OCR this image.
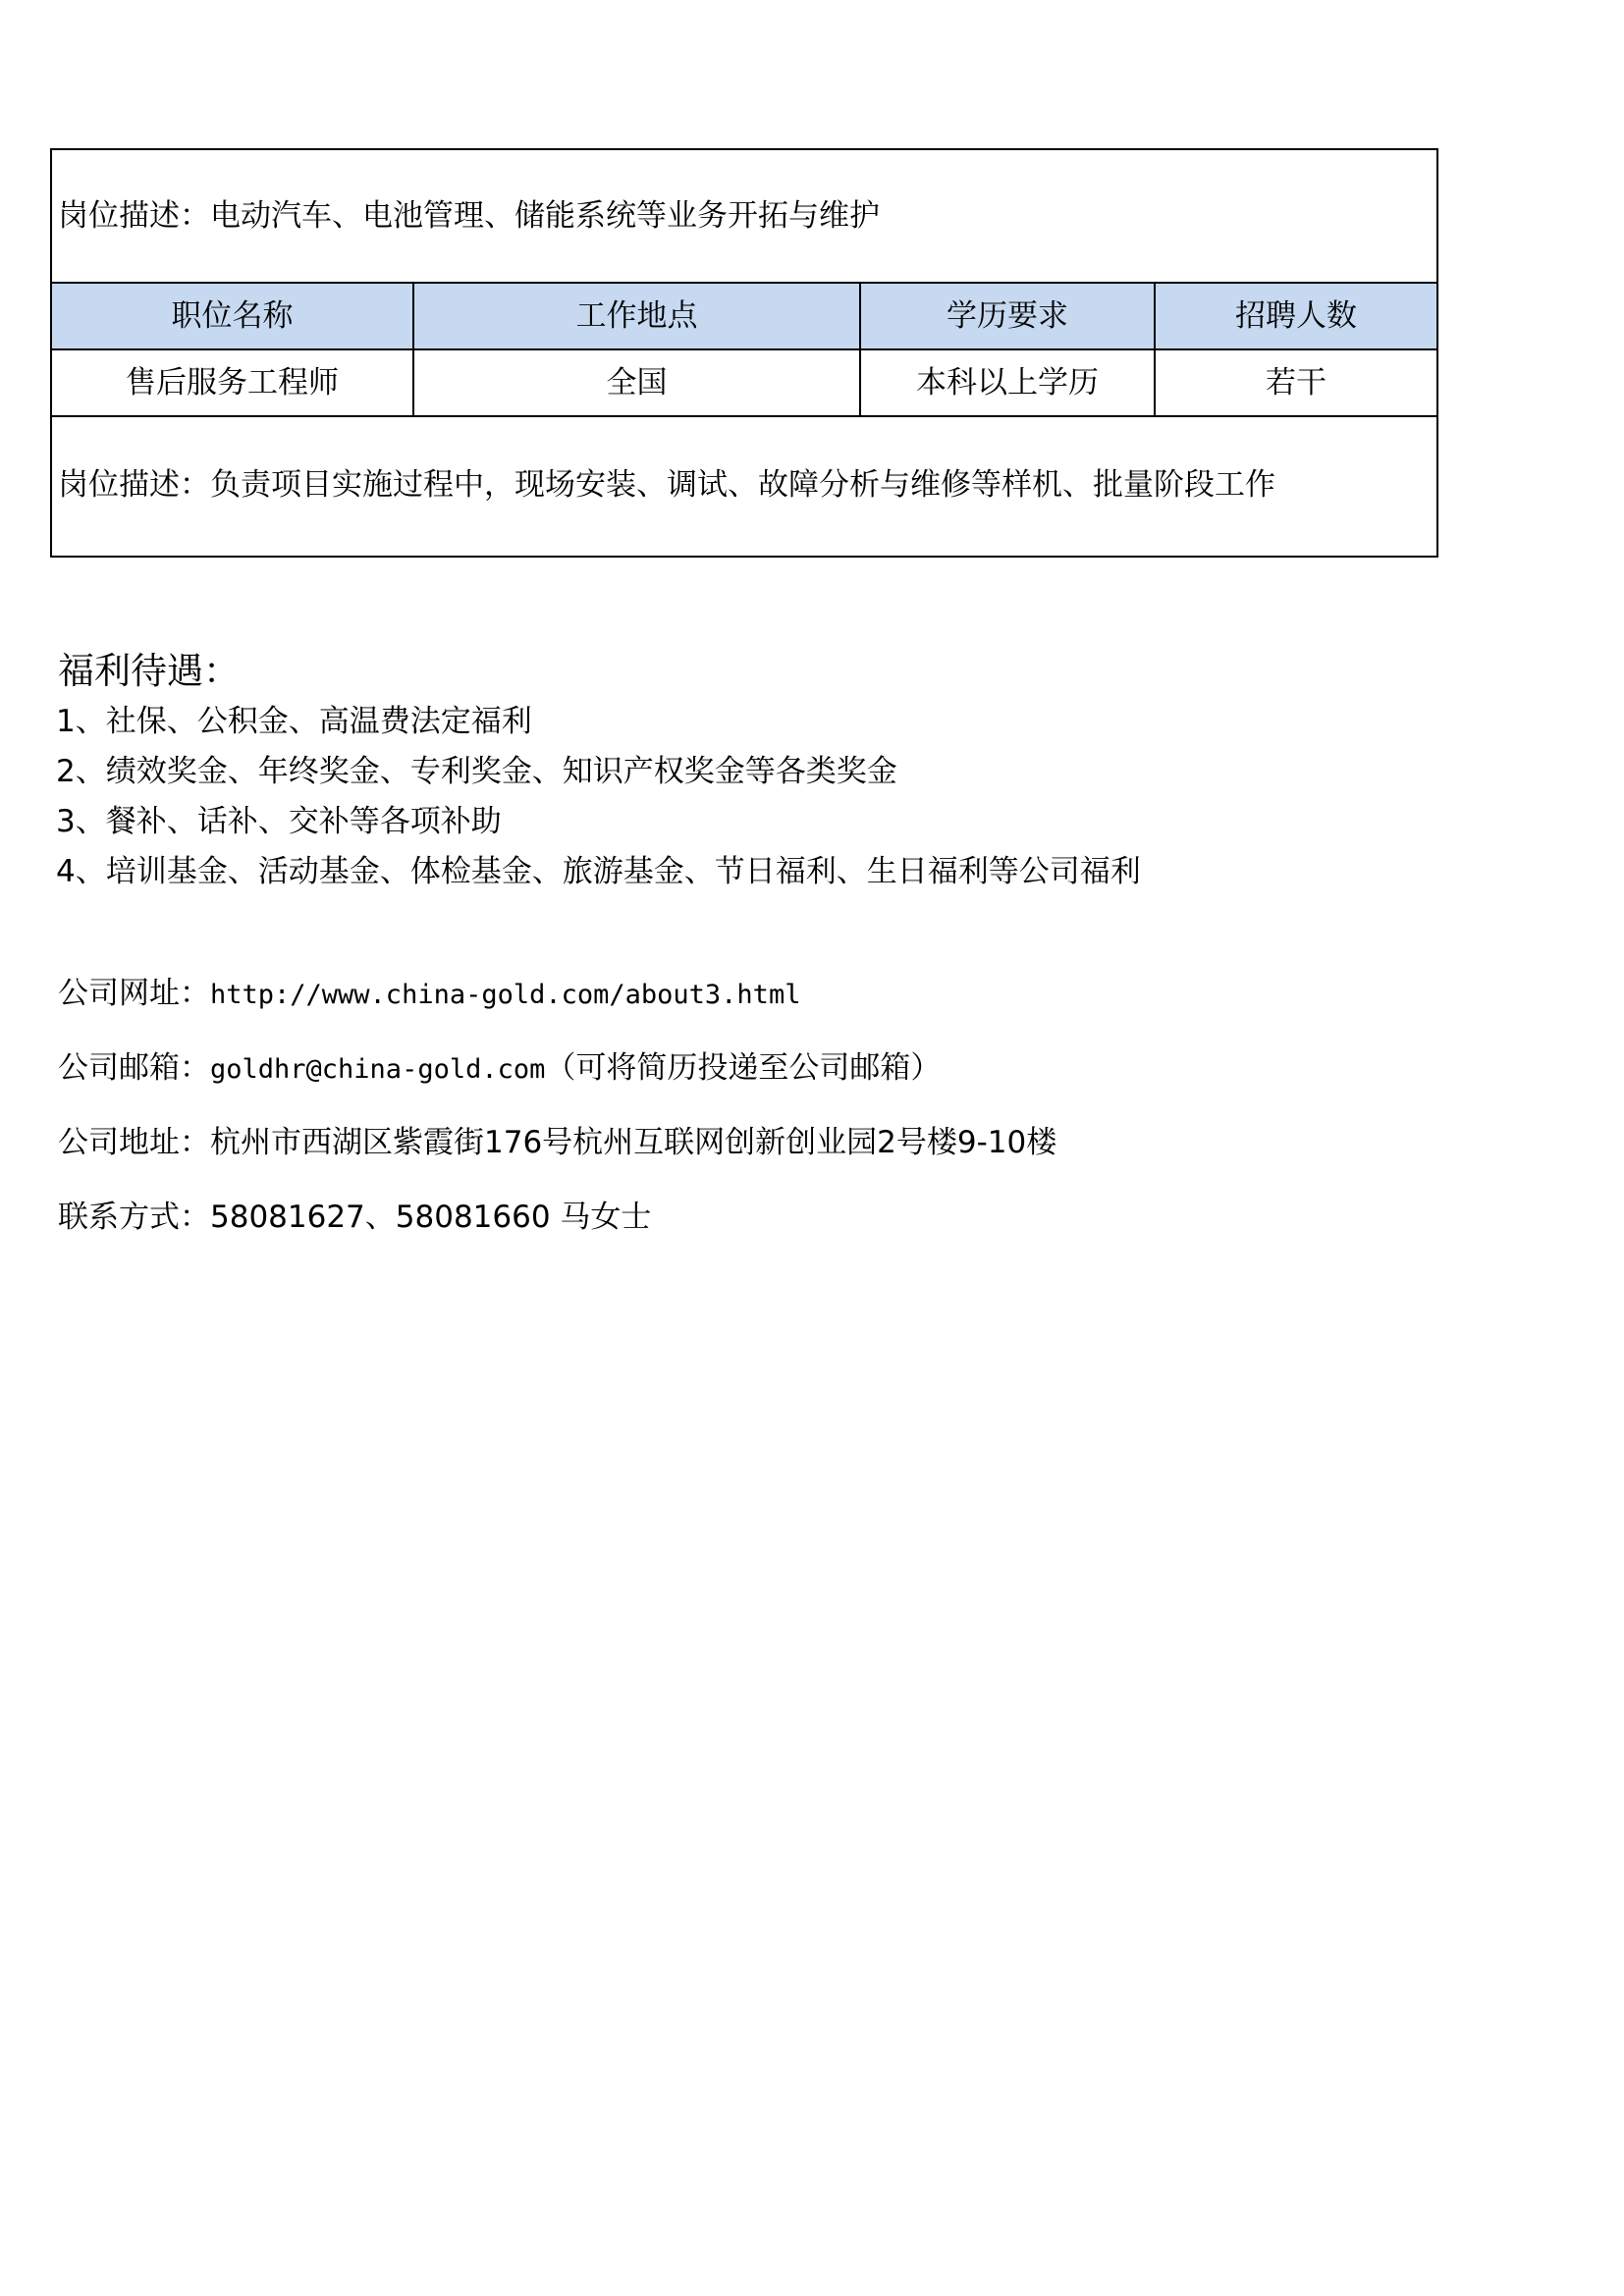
岗位描述：电动汽车、电池管理、储能系统等业务开拓与维护			
职位名称	工作地点	学历要求	招聘人数
售后服务工程师	全国	本科以上学历	若干
岗位描述：负责项目实施过程中，现场安装、调试、故障分析与维修等样机、批量阶段工作			
福利待遇：
1、社保、公积金、高温费法定福利
2、绩效奖金、年终奖金、专利奖金、知识产权奖金等各类奖金
3、餐补、话补、交补等各项补助
4、培训基金、活动基金、体检基金、旅游基金、节日福利、生日福利等公司福利
公司网址：http://www.china-gold.com/about3.html
公司邮箱：goldhr@china-gold.com（可将简历投递至公司邮箱）
公司地址：杭州市西湖区紫霞街176号杭州互联网创新创业园2号楼9-10楼
联系方式：58081627、58081660 马女士
